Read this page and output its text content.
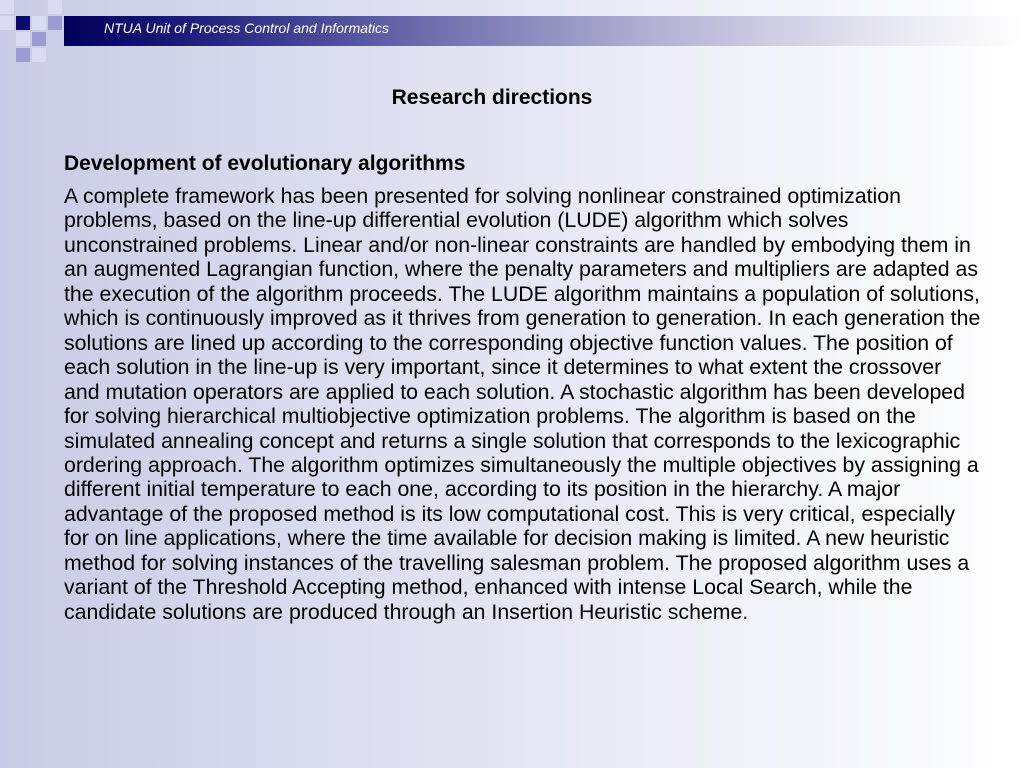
NTUA Unit of Process Control and Informatics
Research directions
Development of evolutionary algorithms

A complete framework has been presented for solving nonlinear constrained optimization problems, based on the line-up differential evolution (LUDE) algorithm which solves unconstrained problems. Linear and/or non-linear constraints are handled by embodying them in an augmented Lagrangian function, where the penalty parameters and multipliers are adapted as the execution of the algorithm proceeds. The LUDE algorithm maintains a population of solutions, which is continuously improved as it thrives from generation to generation. In each generation the solutions are lined up according to the corresponding objective function values. The position of each solution in the line-up is very important, since it determines to what extent the crossover and mutation operators are applied to each solution. A stochastic algorithm has been developed for solving hierarchical multiobjective optimization problems. The algorithm is based on the simulated annealing concept and returns a single solution that corresponds to the lexicographic ordering approach. The algorithm optimizes simultaneously the multiple objectives by assigning a different initial temperature to each one, according to its position in the hierarchy. A major advantage of the proposed method is its low computational cost. This is very critical, especially for on line applications, where the time available for decision making is limited. A new heuristic method for solving instances of the travelling salesman problem. The proposed algorithm uses a variant of the Threshold Accepting method, enhanced with intense Local Search, while the candidate solutions are produced through an Insertion Heuristic scheme.
